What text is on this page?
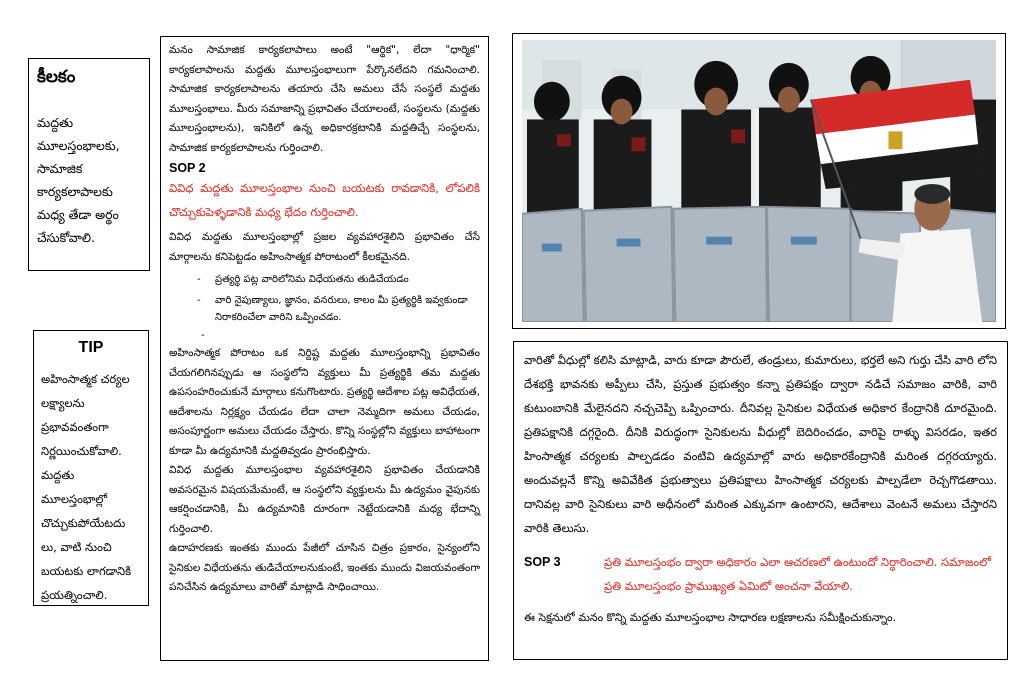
కీలకం

మద్దతు మూలస్తంభాలకు, సామాజిక కార్యకలాపాలకు మధ్య తేడా అర్థం చేసుకోవాలి.

TIP

అహింసాత్మక చర్యల లక్ష్యాలను ప్రభావవంతంగా నిర్ణయించుకోవాలి. మద్దతు మూలస్తంభాల్లో చొచ్చుకుపోయేటదు లు, వాటి నుంచి బయటకు లాగడానికి ప్రయత్నించాలి.

మనం సామాజిక కార్యకలాపాలు అంటే "ఆర్థిక", లేదా "ధార్మిక" కార్యకలాపాలను మద్దతు మూలస్తంభాలుగా పేర్కొనలేదని గమనించాలి. సామాజిక కార్యకలాపాలను తయారు చేసి అమలు చేసే సంస్థలే మద్దతు మూలస్తంభాలు. మీరు సమాజాన్ని ప్రభావితం చేయాలంటే, సంస్థలను (మద్దతు మూలస్తంభాలను), ఇనికిలో ఉన్న అధికారక్రటానికి మద్దతిచ్చే సంస్థలను, సామాజిక కార్యకలాపాలను గుర్తించాలి.

SOP 2

వివిధ మద్దతు మూలస్తంభాల నుంచి బయటకు రావడానికి, లోపలికి చొచ్చుకుపెళ్ళడానికి మధ్య భేదం గుర్తించాలి.

వివిధ మద్దతు మూలస్తంభాల్లో ప్రజల వ్యవహారశైలిని ప్రభావితం చేసే మార్గాలను కనిపెట్టడం అహింసాత్మక పోరాటంలో కీలకమైనది.

- ప్రత్యర్థి పట్ల వారిలోనిమ విధేయతను తుడిచేయడం
- వారి నైపుణ్యాలు, జ్ఞానం, వనరులు, కాలం మీ ప్రత్యర్థికి ఇవ్వకుండా నిరాకరించేలా వారిని ఒప్పించడం.
-

అహింసాత్మక పోరాటం ఒక నిర్దిష్ట మద్దతు మూలస్తంభాన్ని ప్రభావితం చేయగలిగినప్పుడు ఆ సంస్థలోని వ్యక్తులు మీ ప్రత్యర్థికి తమ మద్దతు ఉపసంహరించుకునే మార్గాలు కనుగొంటారు. ప్రత్యర్థి ఆదేశాల పట్ల అవిధేయత, ఆదేశాలను నిర్లక్ష్యం చేయడం లేదా చాలా నెమ్మదిగా అమలు చేయడం, అసంపూర్ణంగా అమలు చేయడం చేస్తారు. కొన్ని సంస్థల్లోని వ్యక్తులు బాహాటంగా కూడా మీ ఉద్యమానికి మద్దతివ్వడం ప్రారంభిస్తారు.

వివిధ మద్దతు మూలస్తంభాల వ్యవహారశైలిని ప్రభావితం చేయడానికి అవసరమైన విషయమేమంటే, ఆ సంస్థలోని వ్యక్తులను మీ ఉద్యమం వైపునకు ఆకర్షించడానికి, మీ ఉద్యమానికి దూరంగా నెట్టేయడానికి మధ్య భేదాన్ని గుర్తించాలి.

ఉదాహరణకు ఇంతకు ముందు పేజీలో చూసిన చిత్రం ప్రకారం, సైన్యంలోని సైనికుల విధేయతను తుడిచేయాలనుకుంటే, ఇంతకు ముందు విజయవంతంగా పనిచేసిన ఉద్యమాలు వారితో మాట్లాడి సాధించాయి.

వారితో వీధుల్లో కలిసి మాట్లాడి, వారు కూడా పౌరులే, తండ్రులు, కుమారులు, భర్తలే అని గుర్తు చేసి వారి లోని దేశభక్తి భావనకు అప్పీలు చేసి, ప్రస్తుత ప్రభుత్వం కన్నా ప్రతిపక్షం ద్వారా నడిచే సమాజం వారికి, వారి కుటుంబానికి మేలైనదని నచ్చచెప్పి ఒప్పించారు. దీనివల్ల సైనికుల విధేయత అధికార కేంద్రానికి దూరమైంది. ప్రతిపక్షానికి దగ్గరైంది. దీనికి విరుద్ధంగా సైనికులను వీధుల్లో బెదిరించడం, వారిపై రాళ్ళు విసరడం, ఇతర హింసాత్మక చర్యలకు పాల్పడడం వంటివి ఉద్యమాల్లో వారు అధికారకేంద్రానికి మరింత దగ్గరయ్యారు. అందువల్లనే కొన్ని అవివేకిత ప్రభుత్వాలు ప్రతిపక్షాలు హింసాత్మక చర్యలకు పాల్పడేలా రెచ్చగొడతాయి. దానివల్ల వారి సైనికులు వారి అధీనంలో మరింత ఎక్కువగా ఉంటారని, ఆదేశాలు వెంటనే అమలు చేస్తారని వారికి తెలుసు.

SOP 3	ప్రతి మూలస్తంభం ద్వారా అధికారం ఎలా ఆచరణలో ఉంటుందో నిర్ధారించాలి. సమాజంలో ప్రతి మూలస్తంభం ప్రాముఖ్యత ఏమిటో అంచనా వేయాలి.

ఈ సెక్షనులో మనం కొన్ని మద్దతు మూలస్తంభాల సాధారణ లక్షణాలను సమీక్షించుకున్నాం.
